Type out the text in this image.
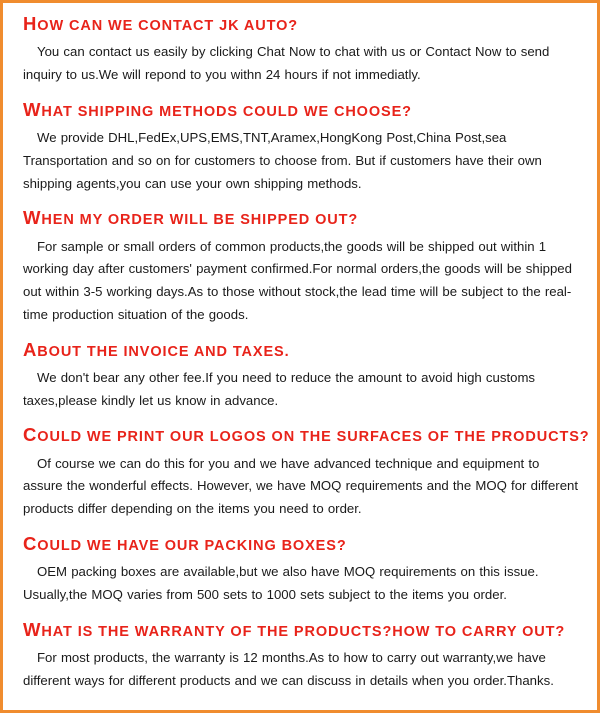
HOW CAN WE CONTACT JK AUTO?

You can contact us easily by clicking Chat Now to chat with us or Contact Now to send inquiry to us.We will repond to you withn 24 hours if not immediatly.

WHAT SHIPPING METHODS COULD WE CHOOSE?

We provide DHL,FedEx,UPS,EMS,TNT,Aramex,HongKong Post,China Post,sea Transportation and so on for customers to choose from. But if customers have their own shipping agents,you can use your own shipping methods.

WHEN MY ORDER WILL BE SHIPPED OUT?

For sample or small orders of common products,the goods will be shipped out within 1 working day after customers' payment confirmed.For normal orders,the goods will be shipped out within 3-5 working days.As to those without stock,the lead time will be subject to the real-time production situation of the goods.

ABOUT THE INVOICE AND TAXES.

We don't bear any other fee.If you need to reduce the amount to avoid high customs taxes,please kindly let us know in advance.

COULD WE PRINT OUR LOGOS ON THE SURFACES OF THE PRODUCTS?

Of course we can do this for you and we have advanced technique and equipment to assure the wonderful effects. However, we have MOQ requirements and the MOQ for different products differ depending on the items you need to order.

COULD WE HAVE OUR PACKING BOXES?

OEM packing boxes are available,but we also have MOQ requirements on this issue. Usually,the MOQ varies from 500 sets to 1000 sets subject to the items you order.

WHAT IS THE WARRANTY OF THE PRODUCTS?HOW TO CARRY OUT?

For most products, the warranty is 12 months.As to how to carry out warranty,we have different ways for different products and we can discuss in details when you order.Thanks.
